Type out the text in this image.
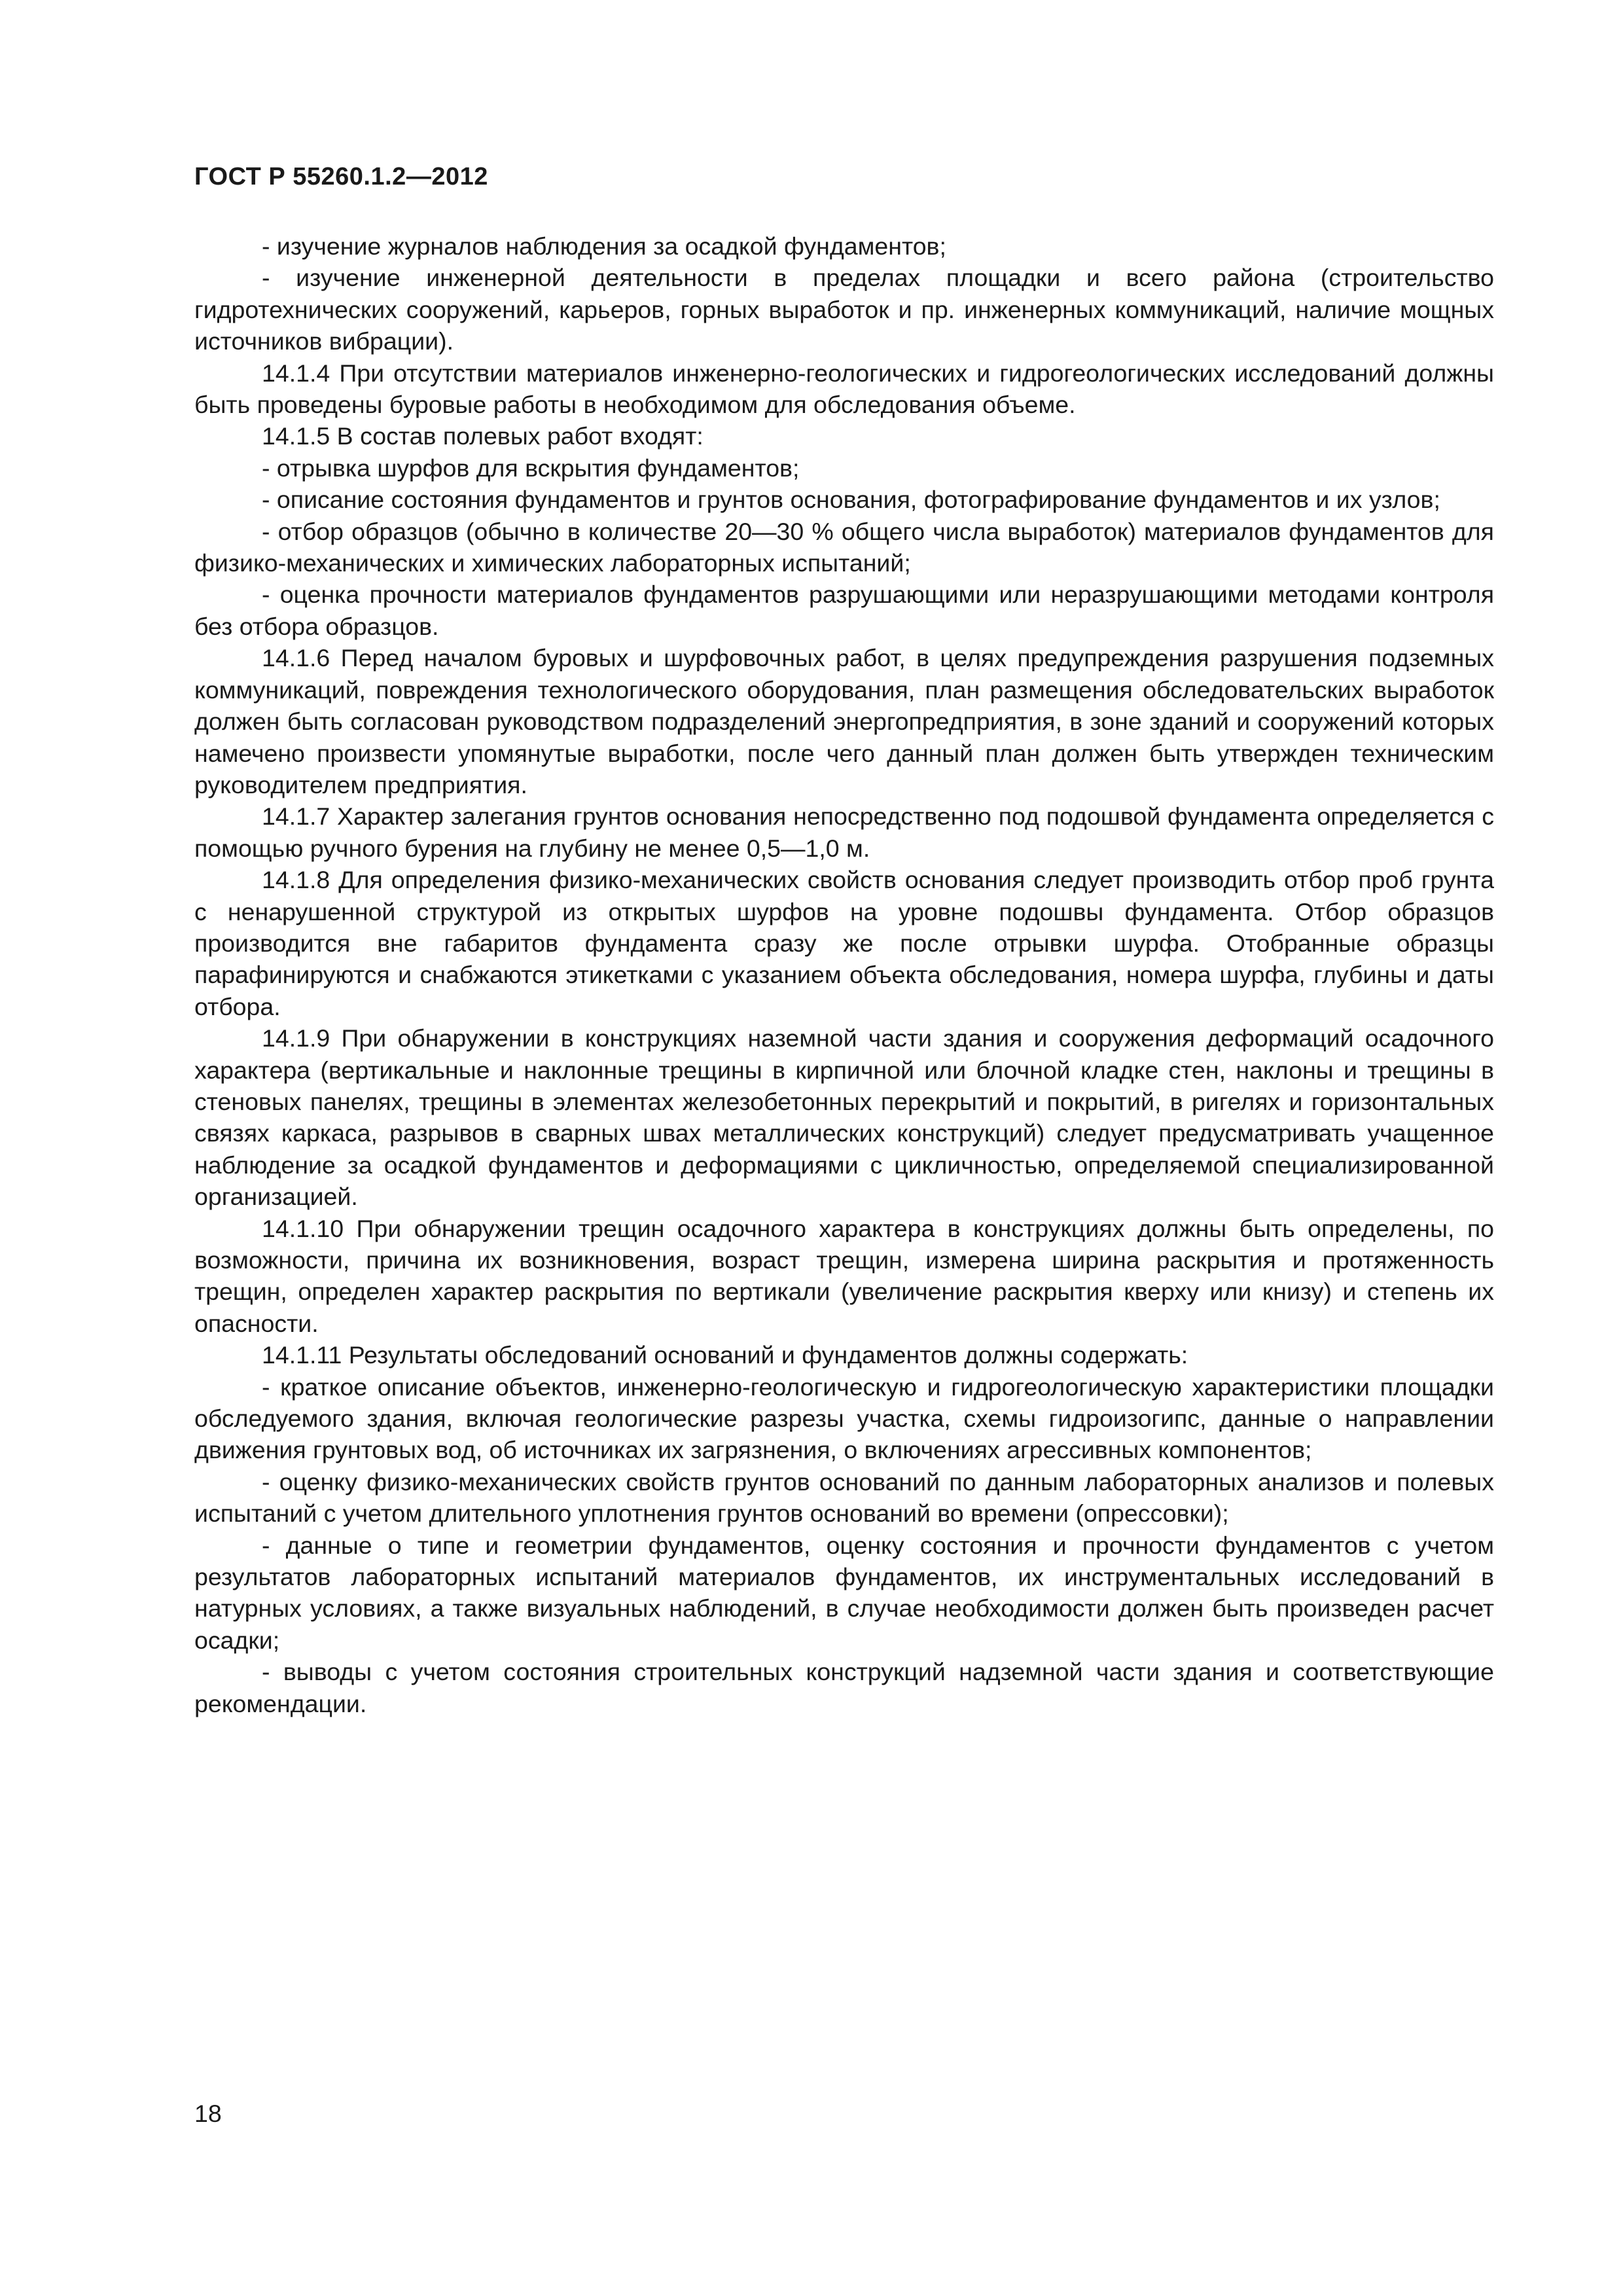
ГОСТ Р 55260.1.2—2012

- изучение журналов наблюдения за осадкой фундаментов;

- изучение инженерной деятельности в пределах площадки и всего района (строительство гидротехнических сооружений, карьеров, горных выработок и пр. инженерных коммуникаций, наличие мощных источников вибрации).

14.1.4 При отсутствии материалов инженерно-геологических и гидрогеологических исследований должны быть проведены буровые работы в необходимом для обследования объеме.

14.1.5 В состав полевых работ входят:

- отрывка шурфов для вскрытия фундаментов;

- описание состояния фундаментов и грунтов основания, фотографирование фундаментов и их узлов;

- отбор образцов (обычно в количестве 20—30 % общего числа выработок) материалов фундаментов для физико-механических и химических лабораторных испытаний;

- оценка прочности материалов фундаментов разрушающими или неразрушающими методами контроля без отбора образцов.

14.1.6 Перед началом буровых и шурфовочных работ, в целях предупреждения разрушения подземных коммуникаций, повреждения технологического оборудования, план размещения обследовательских выработок должен быть согласован руководством подразделений энергопредприятия, в зоне зданий и сооружений которых намечено произвести упомянутые выработки, после чего данный план должен быть утвержден техническим руководителем предприятия.

14.1.7 Характер залегания грунтов основания непосредственно под подошвой фундамента определяется с помощью ручного бурения на глубину не менее 0,5—1,0 м.

14.1.8 Для определения физико-механических свойств основания следует производить отбор проб грунта с ненарушенной структурой из открытых шурфов на уровне подошвы фундамента. Отбор образцов производится вне габаритов фундамента сразу же после отрывки шурфа. Отобранные образцы парафинируются и снабжаются этикетками с указанием объекта обследования, номера шурфа, глубины и даты отбора.

14.1.9 При обнаружении в конструкциях наземной части здания и сооружения деформаций осадочного характера (вертикальные и наклонные трещины в кирпичной или блочной кладке стен, наклоны и трещины в стеновых панелях, трещины в элементах железобетонных перекрытий и покрытий, в ригелях и горизонтальных связях каркаса, разрывов в сварных швах металлических конструкций) следует предусматривать учащенное наблюдение за осадкой фундаментов и деформациями с цикличностью, определяемой специализированной организацией.

14.1.10 При обнаружении трещин осадочного характера в конструкциях должны быть определены, по возможности, причина их возникновения, возраст трещин, измерена ширина раскрытия и протяженность трещин, определен характер раскрытия по вертикали (увеличение раскрытия кверху или книзу) и степень их опасности.

14.1.11 Результаты обследований оснований и фундаментов должны содержать:

- краткое описание объектов, инженерно-геологическую и гидрогеологическую характеристики площадки обследуемого здания, включая геологические разрезы участка, схемы гидроизогипс, данные о направлении движения грунтовых вод, об источниках их загрязнения, о включениях агрессивных компонентов;

- оценку физико-механических свойств грунтов оснований по данным лабораторных анализов и полевых испытаний с учетом длительного уплотнения грунтов оснований во времени (опрессовки);

- данные о типе и геометрии фундаментов, оценку состояния и прочности фундаментов с учетом результатов лабораторных испытаний материалов фундаментов, их инструментальных исследований в натурных условиях, а также визуальных наблюдений, в случае необходимости должен быть произведен расчет осадки;

- выводы с учетом состояния строительных конструкций надземной части здания и соответствующие рекомендации.

18
